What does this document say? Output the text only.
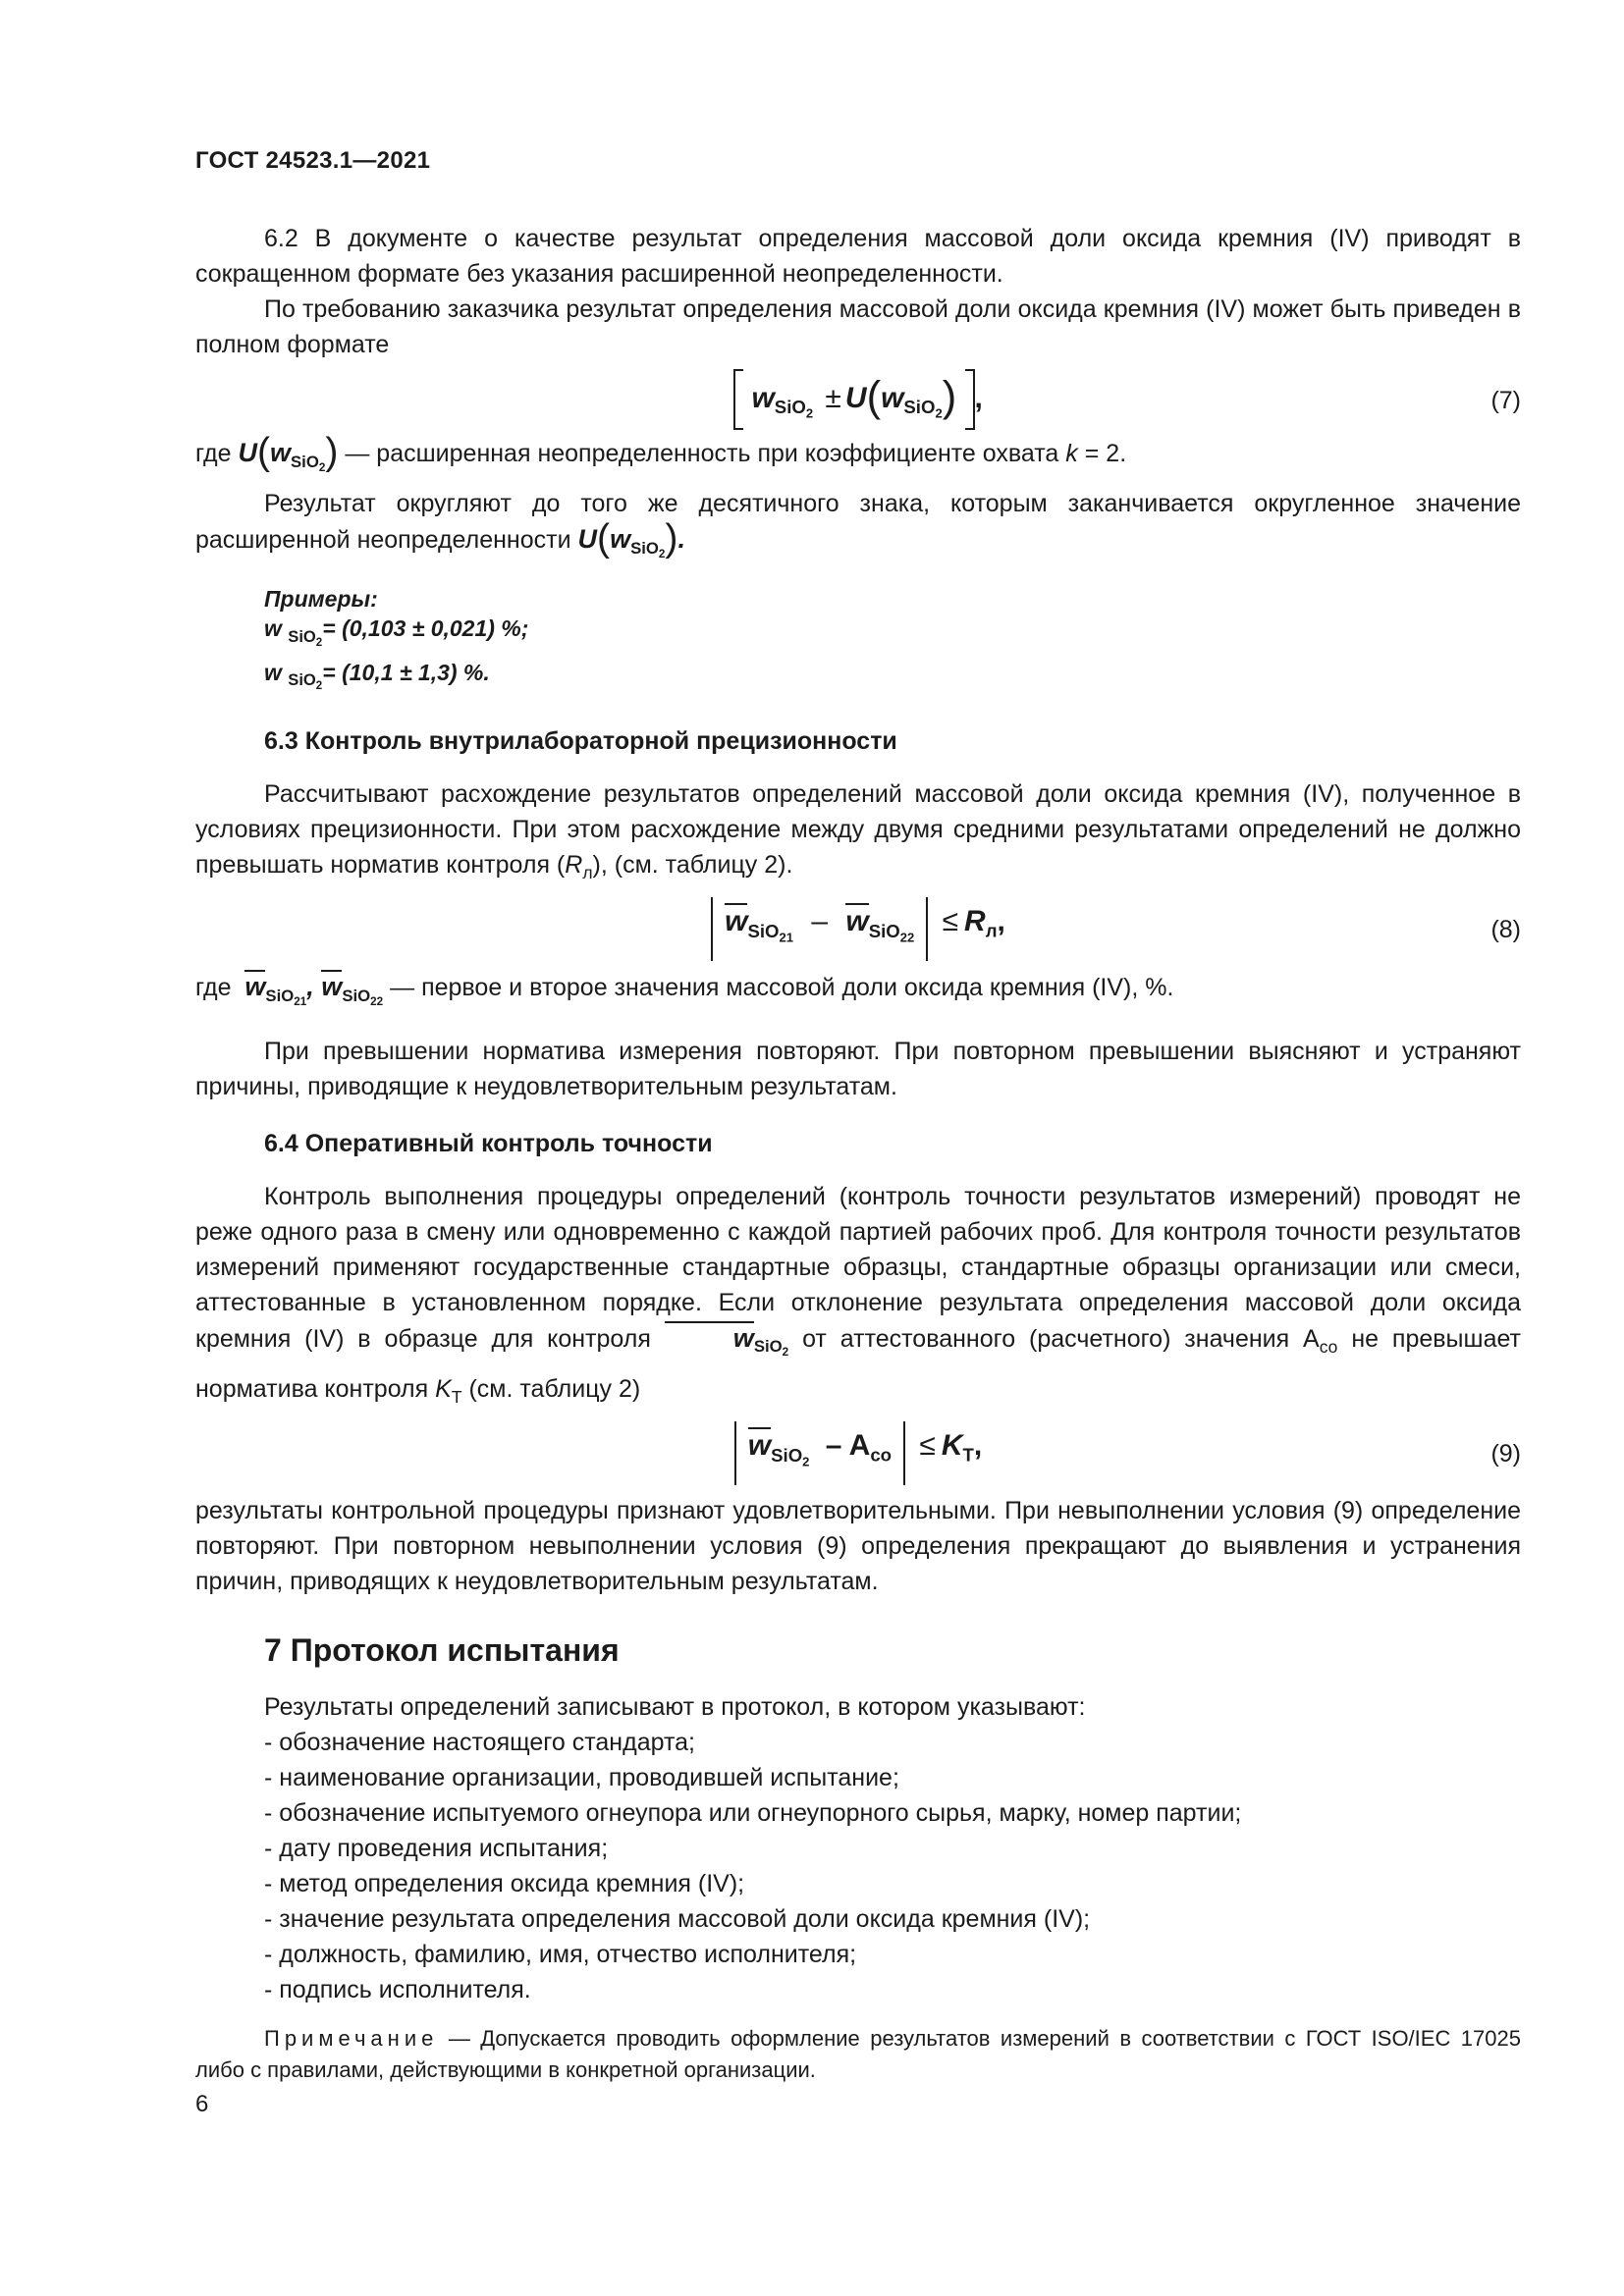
ГОСТ 24523.1—2021

6.2 В документе о качестве результат определения массовой доли оксида кремния (IV) приводят в сокращенном формате без указания расширенной неопределенности.

По требованию заказчика результат определения массовой доли оксида кремния (IV) может быть приведен в полном формате

$w_{SiO_2} \pm U(w_{SiO_2})$ ,	(7)

где $U(w_{SiO_2})$ — расширенная неопределенность при коэффициенте охвата k = 2.

Результат округляют до того же десятичного знака, которым заканчивается округленное значение расширенной неопределенности $U(w_{SiO_2})$.

Примеры:
w $_{SiO_2}$= (0,103 ± 0,021) %;
w $_{SiO_2}$= (10,1 ± 1,3) %.
6.3 Контроль внутрилабораторной прецизионности

Рассчитывают расхождение результатов определений массовой доли оксида кремния (IV), полученное в условиях прецизионности. При этом расхождение между двумя средними результатами определений не должно превышать норматив контроля $(R_л)$, (см. таблицу 2).

$w_{SiO_{21}} - w_{SiO_{22}} \le R_л$,	(8)

где $w_{SiO_{21}}$, $w_{SiO_{22}}$ — первое и второе значения массовой доли оксида кремния (IV), %.

При превышении норматива измерения повторяют. При повторном превышении выясняют и устраняют причины, приводящие к неудовлетворительным результатам.

6.4 Оперативный контроль точности

Контроль выполнения процедуры определений (контроль точности результатов измерений) проводят не реже одного раза в смену или одновременно с каждой партией рабочих проб. Для контроля точности результатов измерений применяют государственные стандартные образцы, стандартные образцы организации или смеси, аттестованные в установленном порядке. Если отклонение результата определения массовой доли оксида кремния (IV) в образце для контроля	$w_{SiO_2}$ от аттестованного (расчетного) значения $A_{со}$ не превышает норматива контроля $K_Т$ (см. таблицу 2)

$w_{SiO_2} - A_{co} \le K_T$,	(9)

результаты контрольной процедуры признают удовлетворительными. При невыполнении условия (9) определение повторяют. При повторном невыполнении условия (9) определения прекращают до выявления и устранения причин, приводящих к неудовлетворительным результатам.

7 Протокол испытания
Результаты определений записывают в протокол, в котором указывают:
- обозначение настоящего стандарта;
- наименование организации, проводившей испытание;
- обозначение испытуемого огнеупора или огнеупорного сырья, марку, номер партии;
- дату проведения испытания;
- метод определения оксида кремния (IV);
- значение результата определения массовой доли оксида кремния (IV);
- должность, фамилию, имя, отчество исполнителя;
- подпись исполнителя.
Примечание — Допускается проводить оформление результатов измерений в соответствии с ГОСТ ISO/IEC 17025 либо с правилами, действующими в конкретной организации.
6
